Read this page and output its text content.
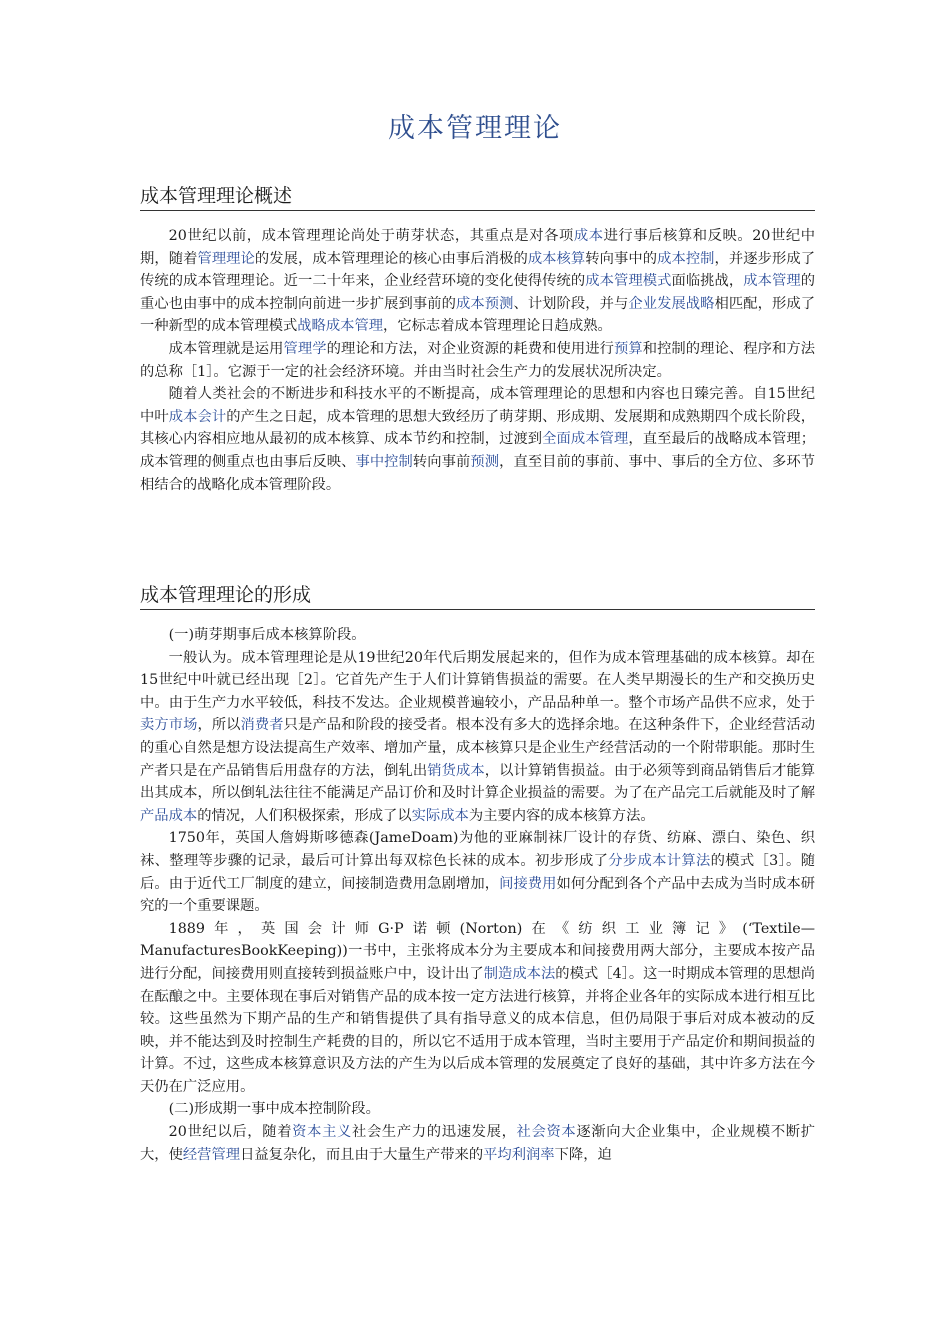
成本管理理论
成本管理理论概述

20世纪以前，成本管理理论尚处于萌芽状态，其重点是对各项成本进行事后核算和反映。20世纪中期，随着管理理论的发展，成本管理理论的核心由事后消极的成本核算转向事中的成本控制，并逐步形成了传统的成本管理理论。近一二十年来，企业经营环境的变化使得传统的成本管理模式面临挑战，成本管理的重心也由事中的成本控制向前进一步扩展到事前的成本预测、计划阶段，并与企业发展战略相匹配，形成了一种新型的成本管理模式战略成本管理，它标志着成本管理理论日趋成熟。

成本管理就是运用管理学的理论和方法，对企业资源的耗费和使用进行预算和控制的理论、程序和方法的总称［1］。它源于一定的社会经济环境。并由当时社会生产力的发展状况所决定。

随着人类社会的不断进步和科技水平的不断提高，成本管理理论的思想和内容也日臻完善。自15世纪中叶成本会计的产生之日起，成本管理的思想大致经历了萌芽期、形成期、发展期和成熟期四个成长阶段，其核心内容相应地从最初的成本核算、成本节约和控制，过渡到全面成本管理，直至最后的战略成本管理；成本管理的侧重点也由事后反映、事中控制转向事前预测，直至目前的事前、事中、事后的全方位、多环节相结合的战略化成本管理阶段。

成本管理理论的形成

(一)萌芽期事后成本核算阶段。

一般认为。成本管理理论是从19世纪20年代后期发展起来的，但作为成本管理基础的成本核算。却在15世纪中叶就已经出现［2］。它首先产生于人们计算销售损益的需要。在人类早期漫长的生产和交换历史中。由于生产力水平较低，科技不发达。企业规模普遍较小，产品品种单一。整个市场产品供不应求，处于卖方市场，所以消费者只是产品和阶段的接受者。根本没有多大的选择余地。在这种条件下，企业经营活动的重心自然是想方设法提高生产效率、增加产量，成本核算只是企业生产经营活动的一个附带职能。那时生产者只是在产品销售后用盘存的方法，倒轧出销货成本，以计算销售损益。由于必须等到商品销售后才能算出其成本，所以倒轧法往往不能满足产品订价和及时计算企业损益的需要。为了在产品完工后就能及时了解产品成本的情况，人们积极探索，形成了以实际成本为主要内容的成本核算方法。

1750年，英国人詹姆斯哆德森(JameDoam)为他的亚麻制袜厂设计的存货、纺麻、漂白、染色、织袜、整理等步骤的记录，最后可计算出每双棕色长袜的成本。初步形成了分步成本计算法的模式［3］。随后。由于近代工厂制度的建立，间接制造费用急剧增加，间接费用如何分配到各个产品中去成为当时成本研究的一个重要课题。

1889年，英国会计师G·P诺顿(Norton)在《纺织工业簿记》(‘Textile—ManufacturesBookKeeping))一书中，主张将成本分为主要成本和间接费用两大部分，主要成本按产品进行分配，间接费用则直接转到损益账户中，设计出了制造成本法的模式［4］。这一时期成本管理的思想尚在酝酿之中。主要体现在事后对销售产品的成本按一定方法进行核算，并将企业各年的实际成本进行相互比较。这些虽然为下期产品的生产和销售提供了具有指导意义的成本信息，但仍局限于事后对成本被动的反映，并不能达到及时控制生产耗费的目的，所以它不适用于成本管理，当时主要用于产品定价和期间损益的计算。不过，这些成本核算意识及方法的产生为以后成本管理的发展奠定了良好的基础，其中许多方法在今天仍在广泛应用。

(二)形成期一事中成本控制阶段。

20世纪以后，随着资本主义社会生产力的迅速发展，社会资本逐渐向大企业集中，企业规模不断扩大，使经营管理日益复杂化，而且由于大量生产带来的平均利润率下降，迫
